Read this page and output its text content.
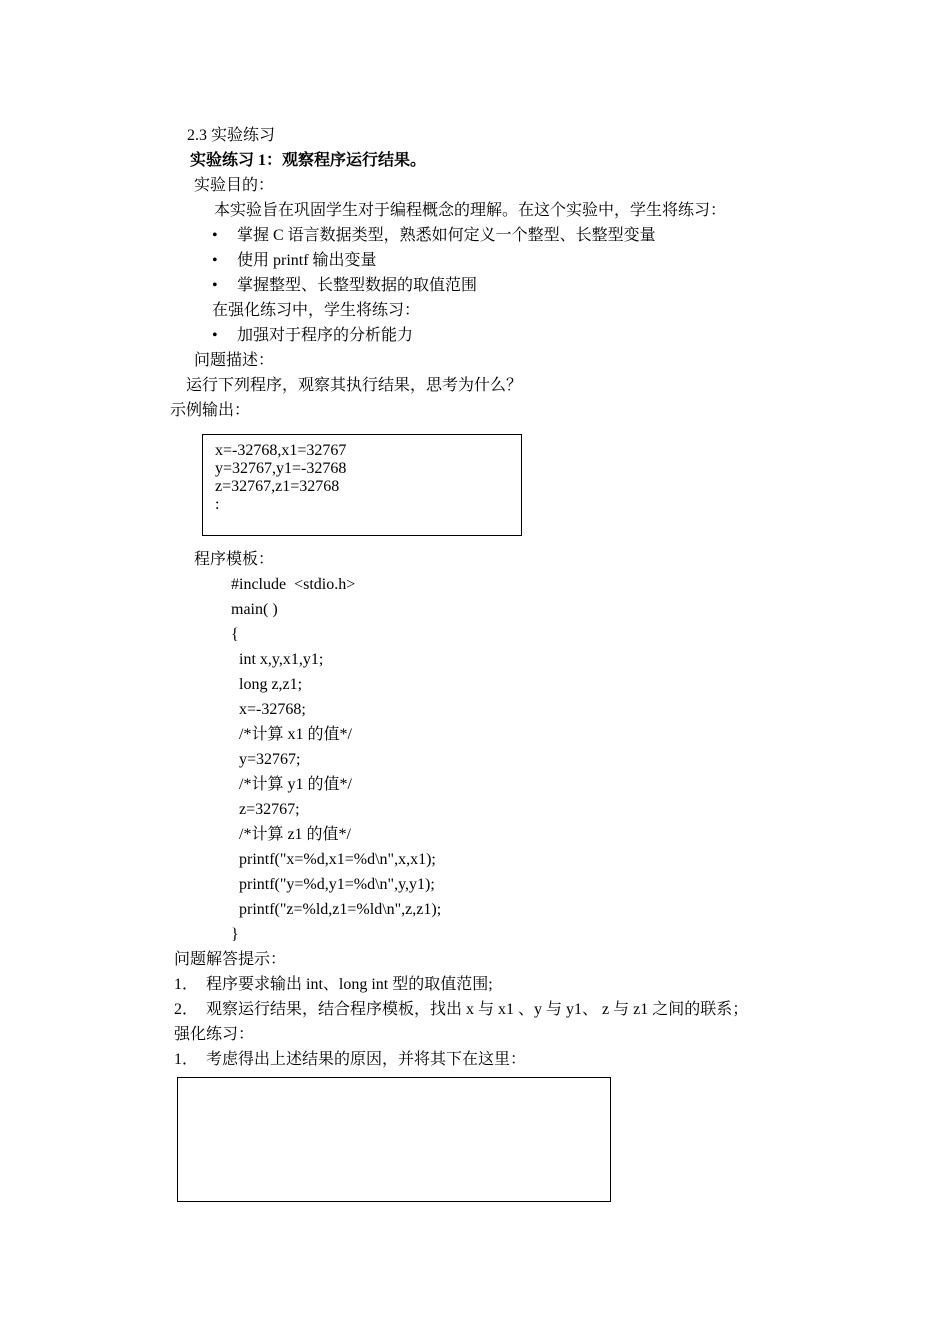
2.3 实验练习
实验练习 1：观察程序运行结果。
实验目的：
本实验旨在巩固学生对于编程概念的理解。在这个实验中，学生将练习：
• 掌握 C 语言数据类型，熟悉如何定义一个整型、长整型变量
• 使用 printf 输出变量
• 掌握整型、长整型数据的取值范围
在强化练习中，学生将练习：
• 加强对于程序的分析能力
问题描述：
运行下列程序，观察其执行结果，思考为什么？
示例输出：
x=-32768,x1=32767
y=32767,y1=-32768
z=32767,z1=32768
:
程序模板：
#include  <stdio.h>
main( )
{
int x,y,x1,y1;
long z,z1;
x=-32768;
/*计算 x1 的值*/
y=32767;
/*计算 y1 的值*/
z=32767;
/*计算 z1 的值*/
printf("x=%d,x1=%d\n",x,x1);
printf("y=%d,y1=%d\n",y,y1);
printf("z=%ld,z1=%ld\n",z,z1);
}
问题解答提示：
1．  程序要求输出 int、long int 型的取值范围;
2．  观察运行结果，结合程序模板，找出 x 与 x1 、y 与 y1、 z 与 z1 之间的联系；
强化练习：
1．  考虑得出上述结果的原因，并将其下在这里：
